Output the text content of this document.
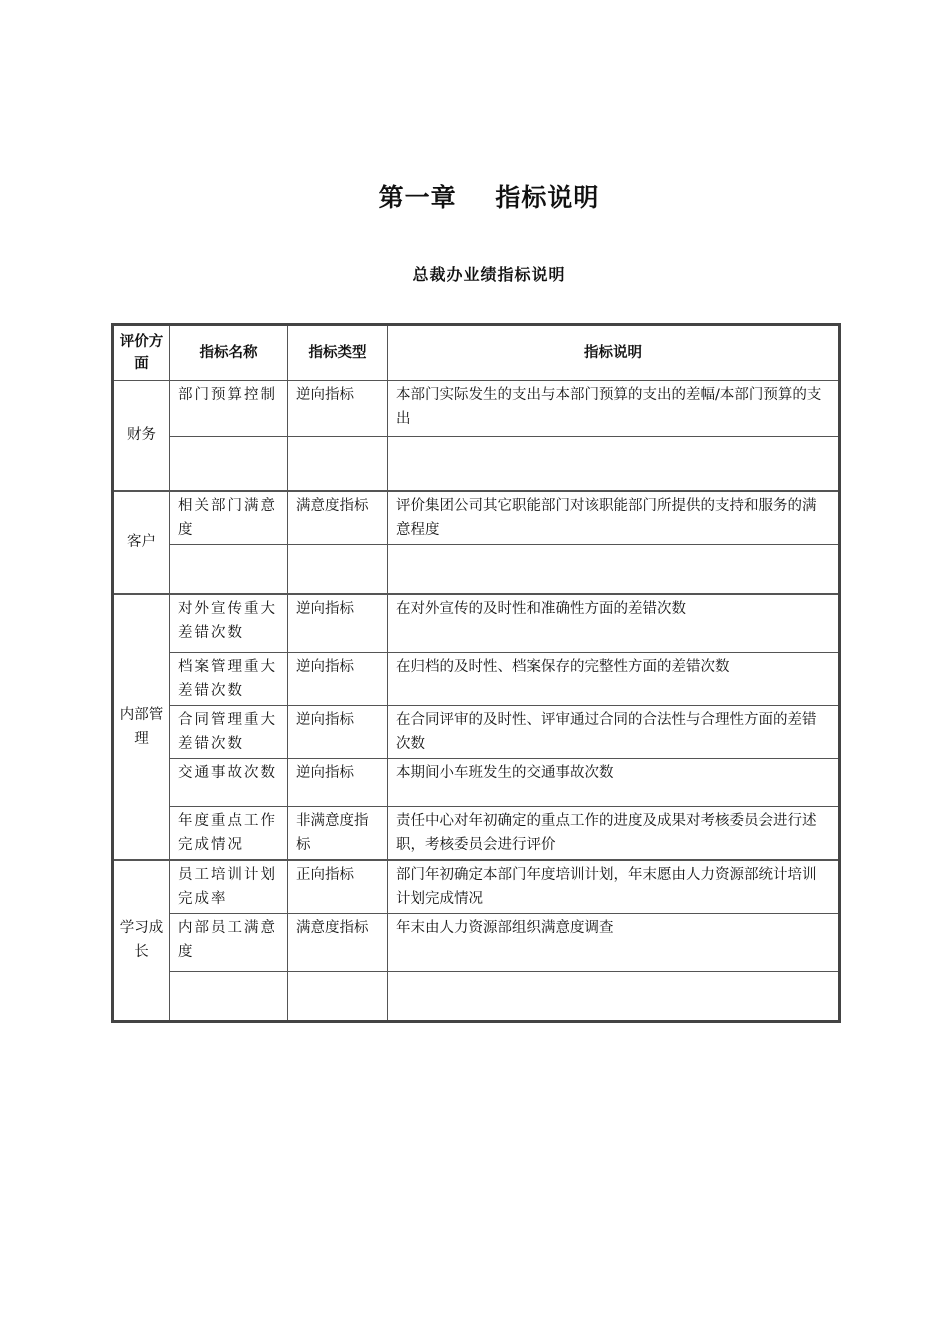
第一章    指标说明
总裁办业绩指标说明
评价方面	指标名称	指标类型	指标说明
财务	部门预算控制	逆向指标	本部门实际发生的支出与本部门预算的支出的差幅/本部门预算的支出

客户	相关部门满意度	满意度指标	评价集团公司其它职能部门对该职能部门所提供的支持和服务的满意程度

内部管理	对外宣传重大差错次数	逆向指标	在对外宣传的及时性和准确性方面的差错次数
	档案管理重大差错次数	逆向指标	在归档的及时性、档案保存的完整性方面的差错次数
	合同管理重大差错次数	逆向指标	在合同评审的及时性、评审通过合同的合法性与合理性方面的差错次数
	交通事故次数	逆向指标	本期间小车班发生的交通事故次数
	年度重点工作完成情况	非满意度指标	责任中心对年初确定的重点工作的进度及成果对考核委员会进行述职，考核委员会进行评价
学习成长	员工培训计划完成率	正向指标	部门年初确定本部门年度培训计划，年末愿由人力资源部统计培训计划完成情况
	内部员工满意度	满意度指标	年末由人力资源部组织满意度调查
